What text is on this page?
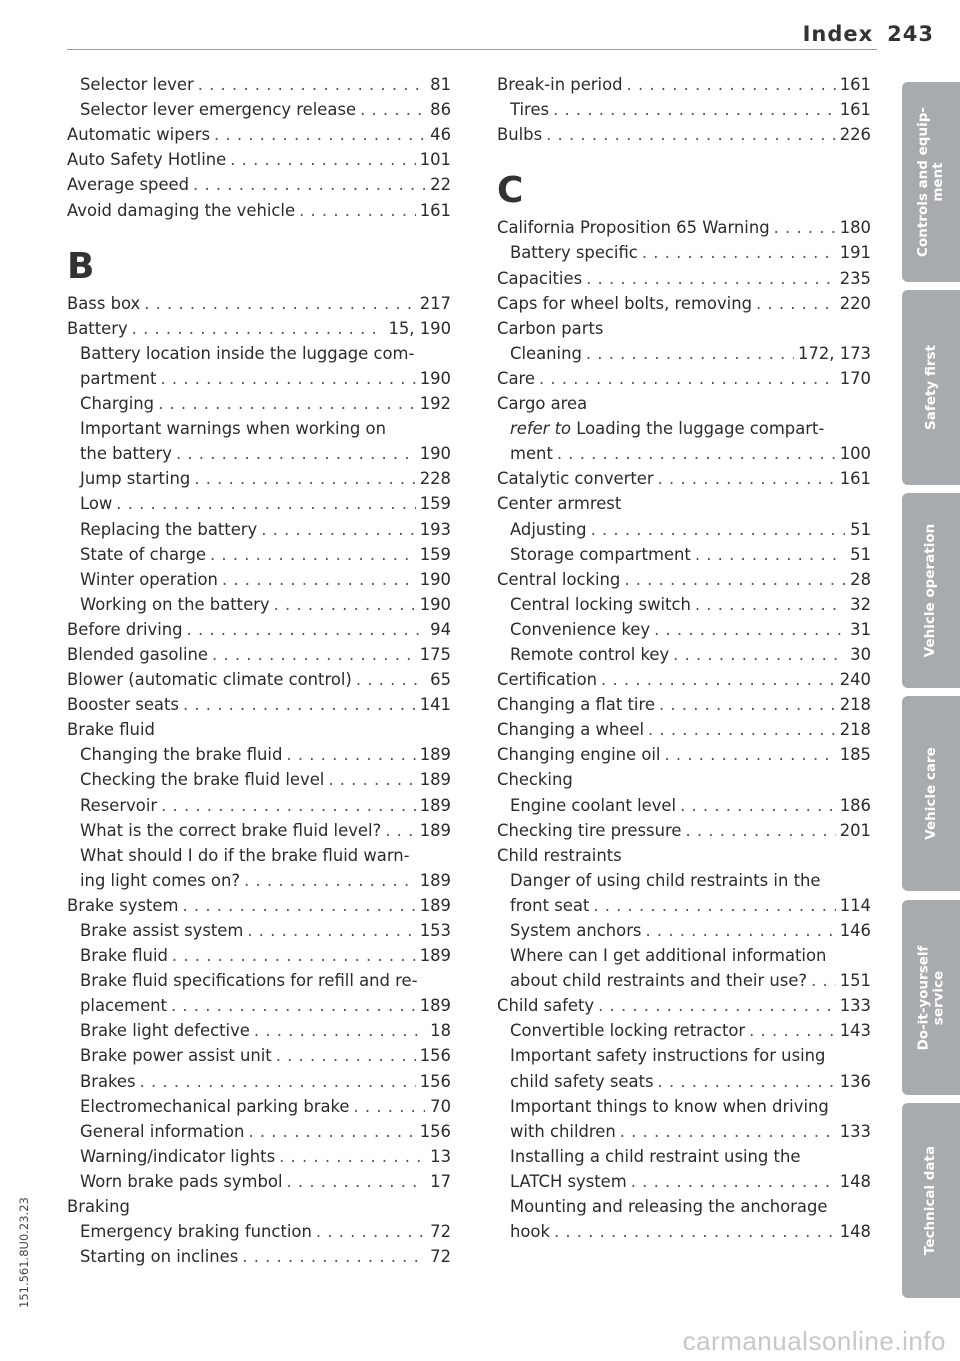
Index 243
Selector lever . . .	81
Selector lever emergency release . . .	86
Automatic wipers . . .	46
Auto Safety Hotline . . .	101
Average speed . . .	22
Avoid damaging the vehicle . . .	161
B
Bass box . . .	217
Battery . . .	15, 190
Battery location inside the luggage com-
partment . . .	190
Charging . . .	192
Important warnings when working on
the battery . . .	190
Jump starting . . .	228
Low . . .	159
Replacing the battery . . .	193
State of charge . . .	159
Winter operation . . .	190
Working on the battery . . .	190
Before driving . . .	94
Blended gasoline . . .	175
Blower (automatic climate control) . . .	65
Booster seats . . .	141
Brake fluid
Changing the brake fluid . . .	189
Checking the brake fluid level . . .	189
Reservoir . . .	189
What is the correct brake fluid level? . . . 189
What should I do if the brake fluid warn-
ing light comes on? . . .	189
Brake system . . .	189
Brake assist system . . .	153
Brake fluid . . .	189
Brake fluid specifications for refill and re-
placement . . .	189
Brake light defective . . .	18
Brake power assist unit . . .	156
Brakes . . .	156
Electromechanical parking brake . . .	70
General information . . .	156
Warning/indicator lights . . .	13
Worn brake pads symbol . . .	17
Braking
Emergency braking function . . .	72
Starting on inclines . . .	72
Break-in period . . .	161
Tires . . .	161
Bulbs . . .	226
C
California Proposition 65 Warning . . .	180
Battery specific . . .	191
Capacities . . .	235
Caps for wheel bolts, removing . . .	220
Carbon parts
Cleaning . . .	172, 173
Care . . .	170
Cargo area
refer to Loading the luggage compart-
ment . . .	100
Catalytic converter . . .	161
Center armrest
Adjusting . . .	51
Storage compartment . . .	51
Central locking . . .	28
Central locking switch . . .	32
Convenience key . . .	31
Remote control key . . .	30
Certification . . .	240
Changing a flat tire . . .	218
Changing a wheel . . .	218
Changing engine oil . . .	185
Checking
Engine coolant level . . .	186
Checking tire pressure . . .	201
Child restraints
Danger of using child restraints in the
front seat . . .	114
System anchors . . .	146
Where can I get additional information
about child restraints and their use? . . . 151
Child safety . . .	133
Convertible locking retractor . . .	143
Important safety instructions for using
child safety seats . . .	136
Important things to know when driving
with children . . .	133
Installing a child restraint using the
LATCH system . . .	148
Mounting and releasing the anchorage
hook . . .	148
Controls and equip-
ment
Safety first
Vehicle operation
Vehicle care
Do-it-yourself
service
Technical data
151.561.8U0.23.23
carmanualsonline.info
